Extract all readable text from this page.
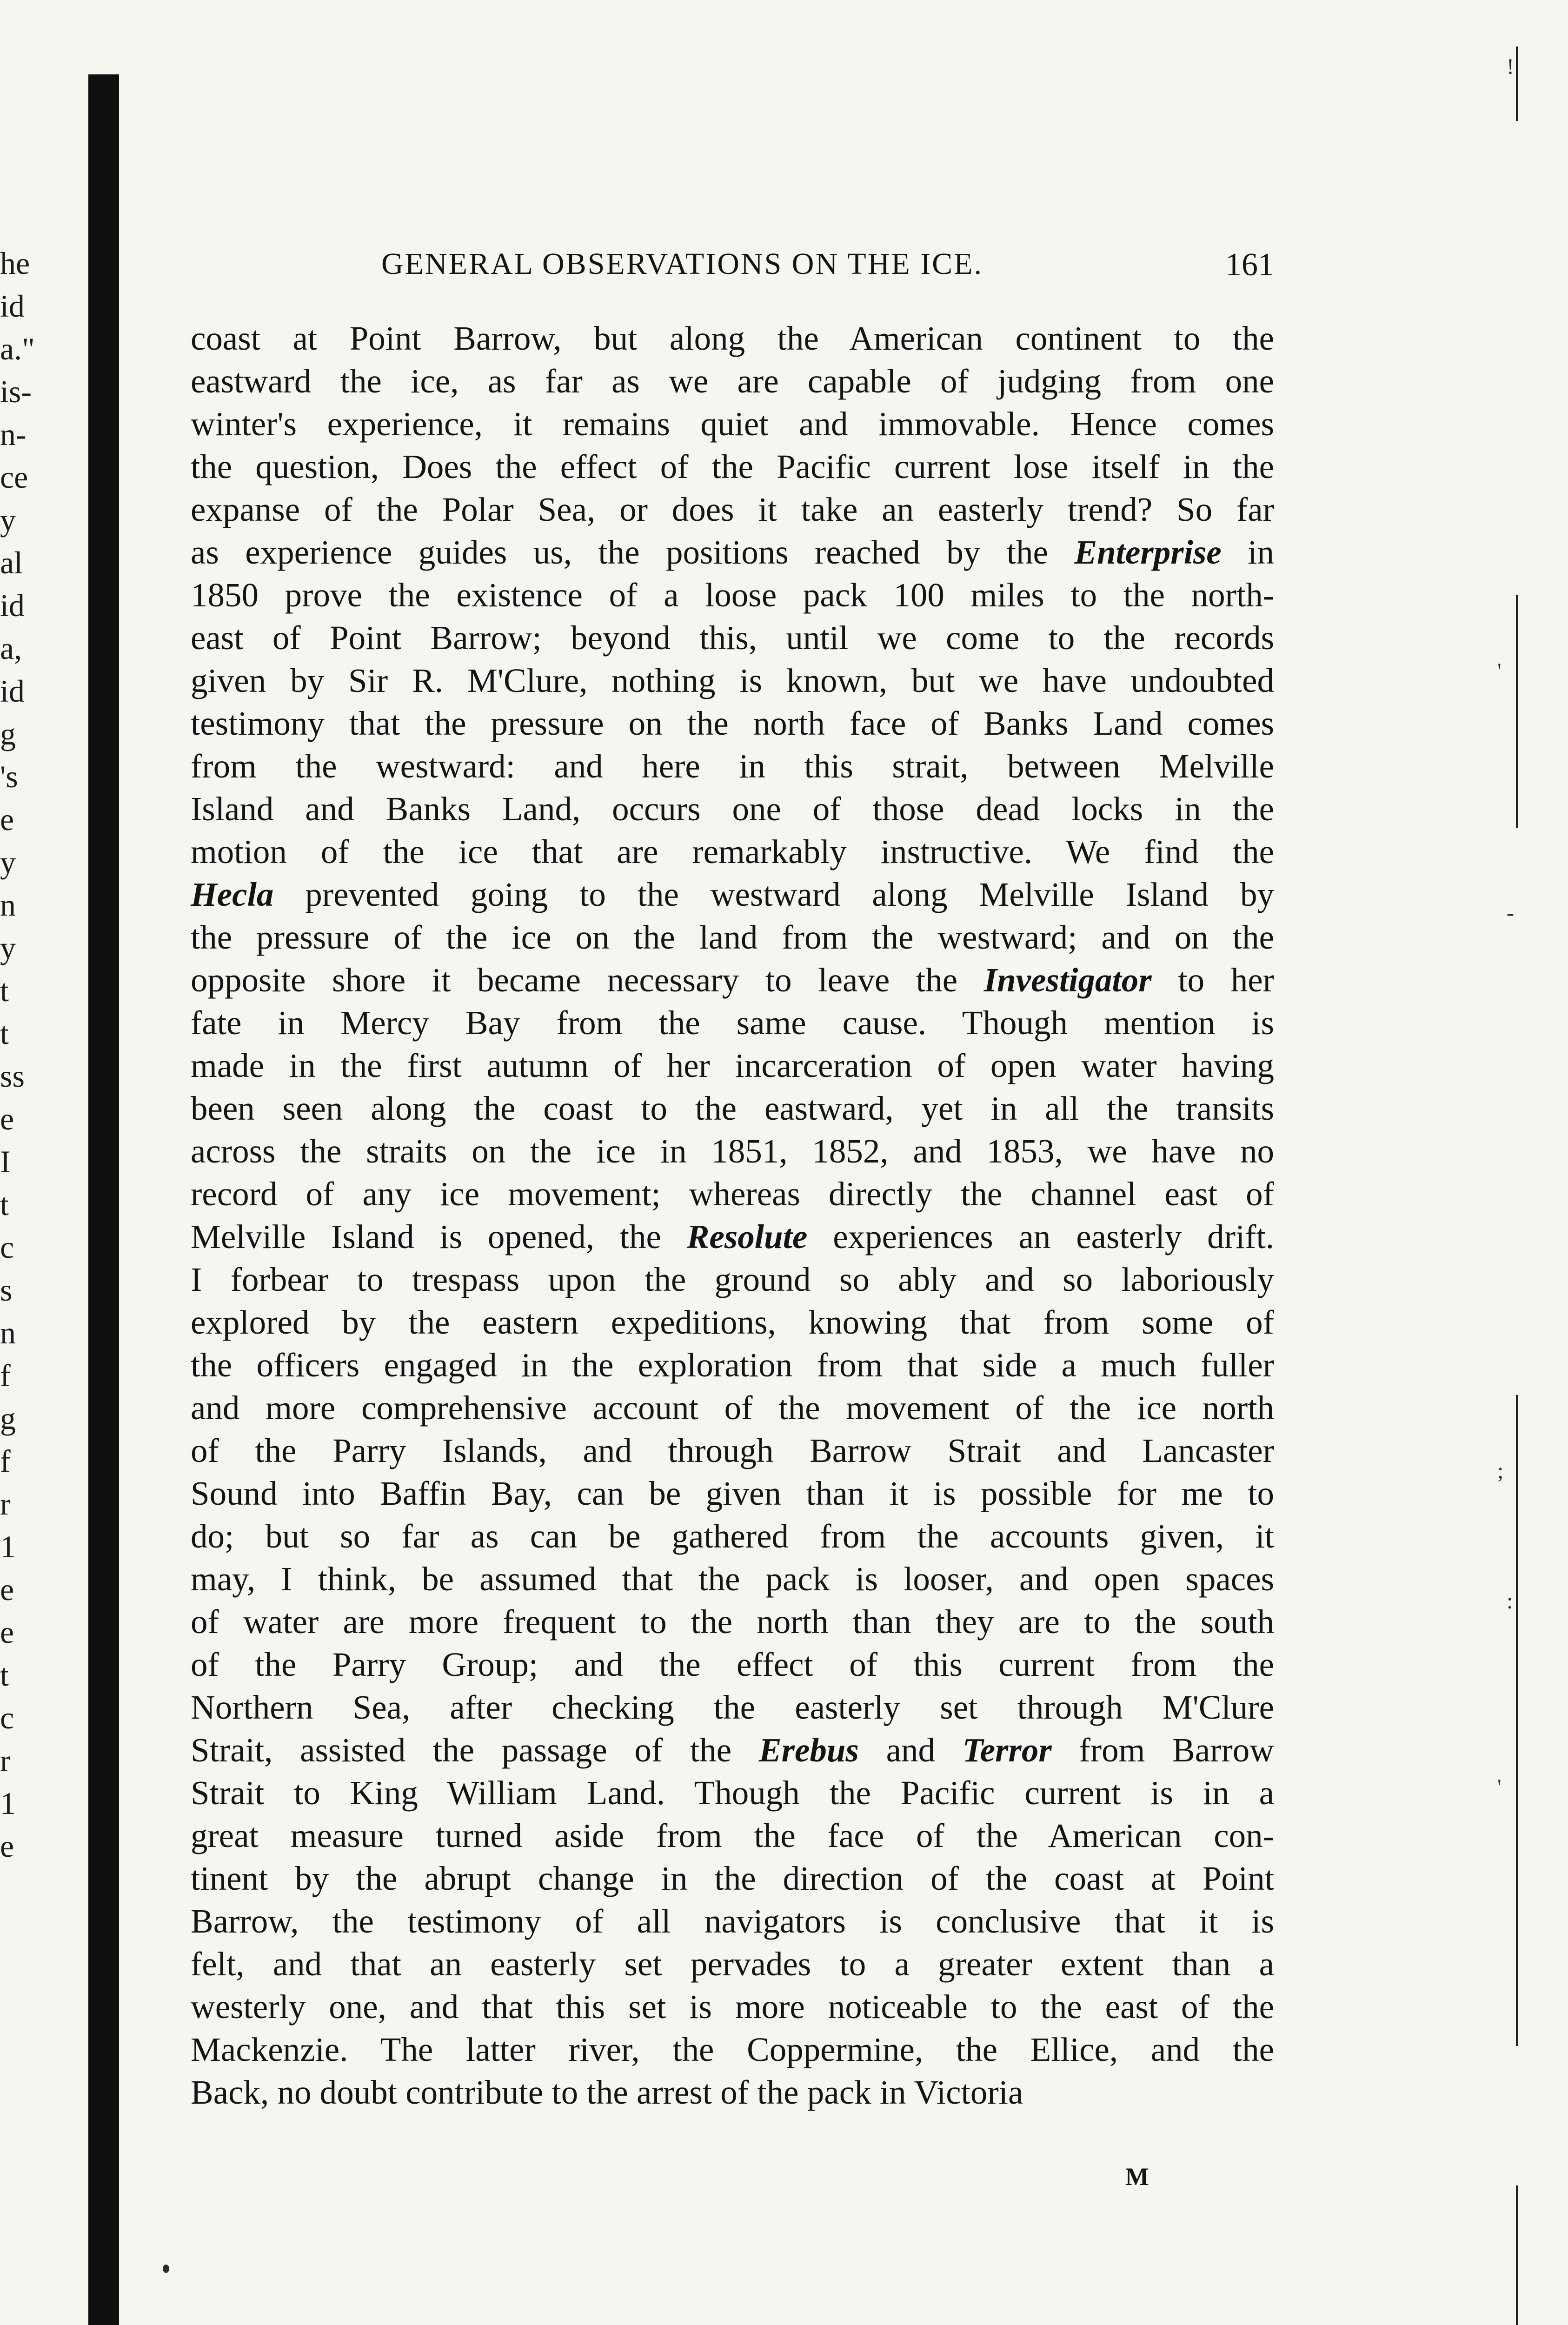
he
id
a."
is-
n-
ce
y
al
id
a,
id
g
's
e
y
n
y
t
t
ss
e
I
t
c
s
n
f
g
f
r
1
e
e
t
c
r
1
e
!
'
-
;
:
'
GENERAL OBSERVATIONS ON THE ICE.	161
coast at Point Barrow, but along the American continent to the
eastward the ice, as far as we are capable of judging from one
winter's experience, it remains quiet and immovable. Hence comes
the question, Does the effect of the Pacific current lose itself in the
expanse of the Polar Sea, or does it take an easterly trend? So far
as experience guides us, the positions reached by the Enterprise in
1850 prove the existence of a loose pack 100 miles to the north-
east of Point Barrow; beyond this, until we come to the records
given by Sir R. M'Clure, nothing is known, but we have undoubted
testimony that the pressure on the north face of Banks Land comes
from the westward: and here in this strait, between Melville
Island and Banks Land, occurs one of those dead locks in the
motion of the ice that are remarkably instructive. We find the
Hecla prevented going to the westward along Melville Island by
the pressure of the ice on the land from the westward; and on the
opposite shore it became necessary to leave the Investigator to her
fate in Mercy Bay from the same cause. Though mention is
made in the first autumn of her incarceration of open water having
been seen along the coast to the eastward, yet in all the transits
across the straits on the ice in 1851, 1852, and 1853, we have no
record of any ice movement; whereas directly the channel east of
Melville Island is opened, the Resolute experiences an easterly drift.
I forbear to trespass upon the ground so ably and so laboriously
explored by the eastern expeditions, knowing that from some of
the officers engaged in the exploration from that side a much fuller
and more comprehensive account of the movement of the ice north
of the Parry Islands, and through Barrow Strait and Lancaster
Sound into Baffin Bay, can be given than it is possible for me to
do; but so far as can be gathered from the accounts given, it
may, I think, be assumed that the pack is looser, and open spaces
of water are more frequent to the north than they are to the south
of the Parry Group; and the effect of this current from the
Northern Sea, after checking the easterly set through M'Clure
Strait, assisted the passage of the Erebus and Terror from Barrow
Strait to King William Land. Though the Pacific current is in a
great measure turned aside from the face of the American con-
tinent by the abrupt change in the direction of the coast at Point
Barrow, the testimony of all navigators is conclusive that it is
felt, and that an easterly set pervades to a greater extent than a
westerly one, and that this set is more noticeable to the east of the
Mackenzie. The latter river, the Coppermine, the Ellice, and the
Back, no doubt contribute to the arrest of the pack in Victoria
M
